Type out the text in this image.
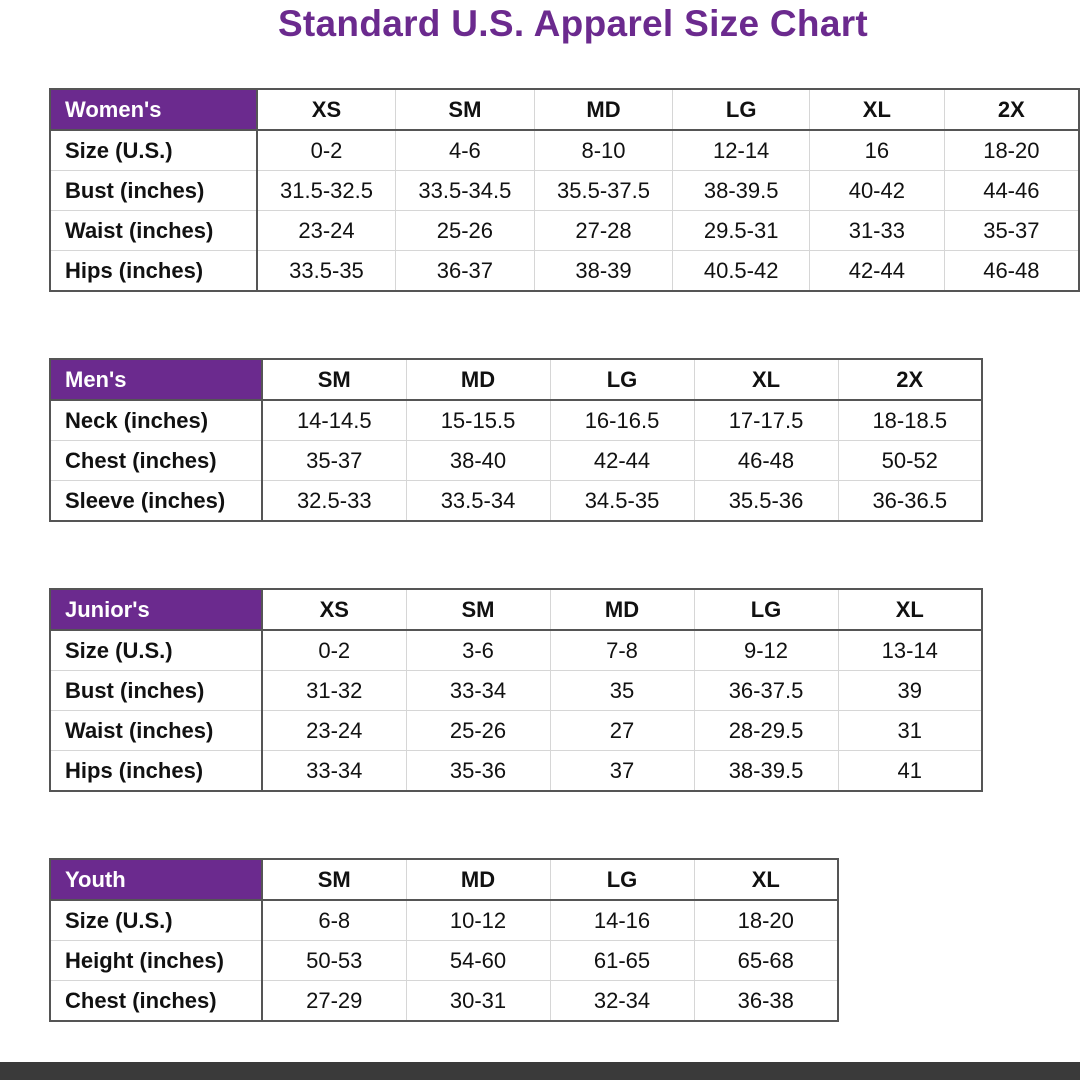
Standard U.S. Apparel Size Chart
Women's	XS	SM	MD	LG	XL	2X
Size (U.S.)	0-2	4-6	8-10	12-14	16	18-20
Bust (inches)	31.5-32.5	33.5-34.5	35.5-37.5	38-39.5	40-42	44-46
Waist (inches)	23-24	25-26	27-28	29.5-31	31-33	35-37
Hips (inches)	33.5-35	36-37	38-39	40.5-42	42-44	46-48
Men's	SM	MD	LG	XL	2X
Neck (inches)	14-14.5	15-15.5	16-16.5	17-17.5	18-18.5
Chest (inches)	35-37	38-40	42-44	46-48	50-52
Sleeve (inches)	32.5-33	33.5-34	34.5-35	35.5-36	36-36.5
Junior's	XS	SM	MD	LG	XL
Size (U.S.)	0-2	3-6	7-8	9-12	13-14
Bust (inches)	31-32	33-34	35	36-37.5	39
Waist (inches)	23-24	25-26	27	28-29.5	31
Hips (inches)	33-34	35-36	37	38-39.5	41
Youth	SM	MD	LG	XL
Size (U.S.)	6-8	10-12	14-16	18-20
Height (inches)	50-53	54-60	61-65	65-68
Chest (inches)	27-29	30-31	32-34	36-38
